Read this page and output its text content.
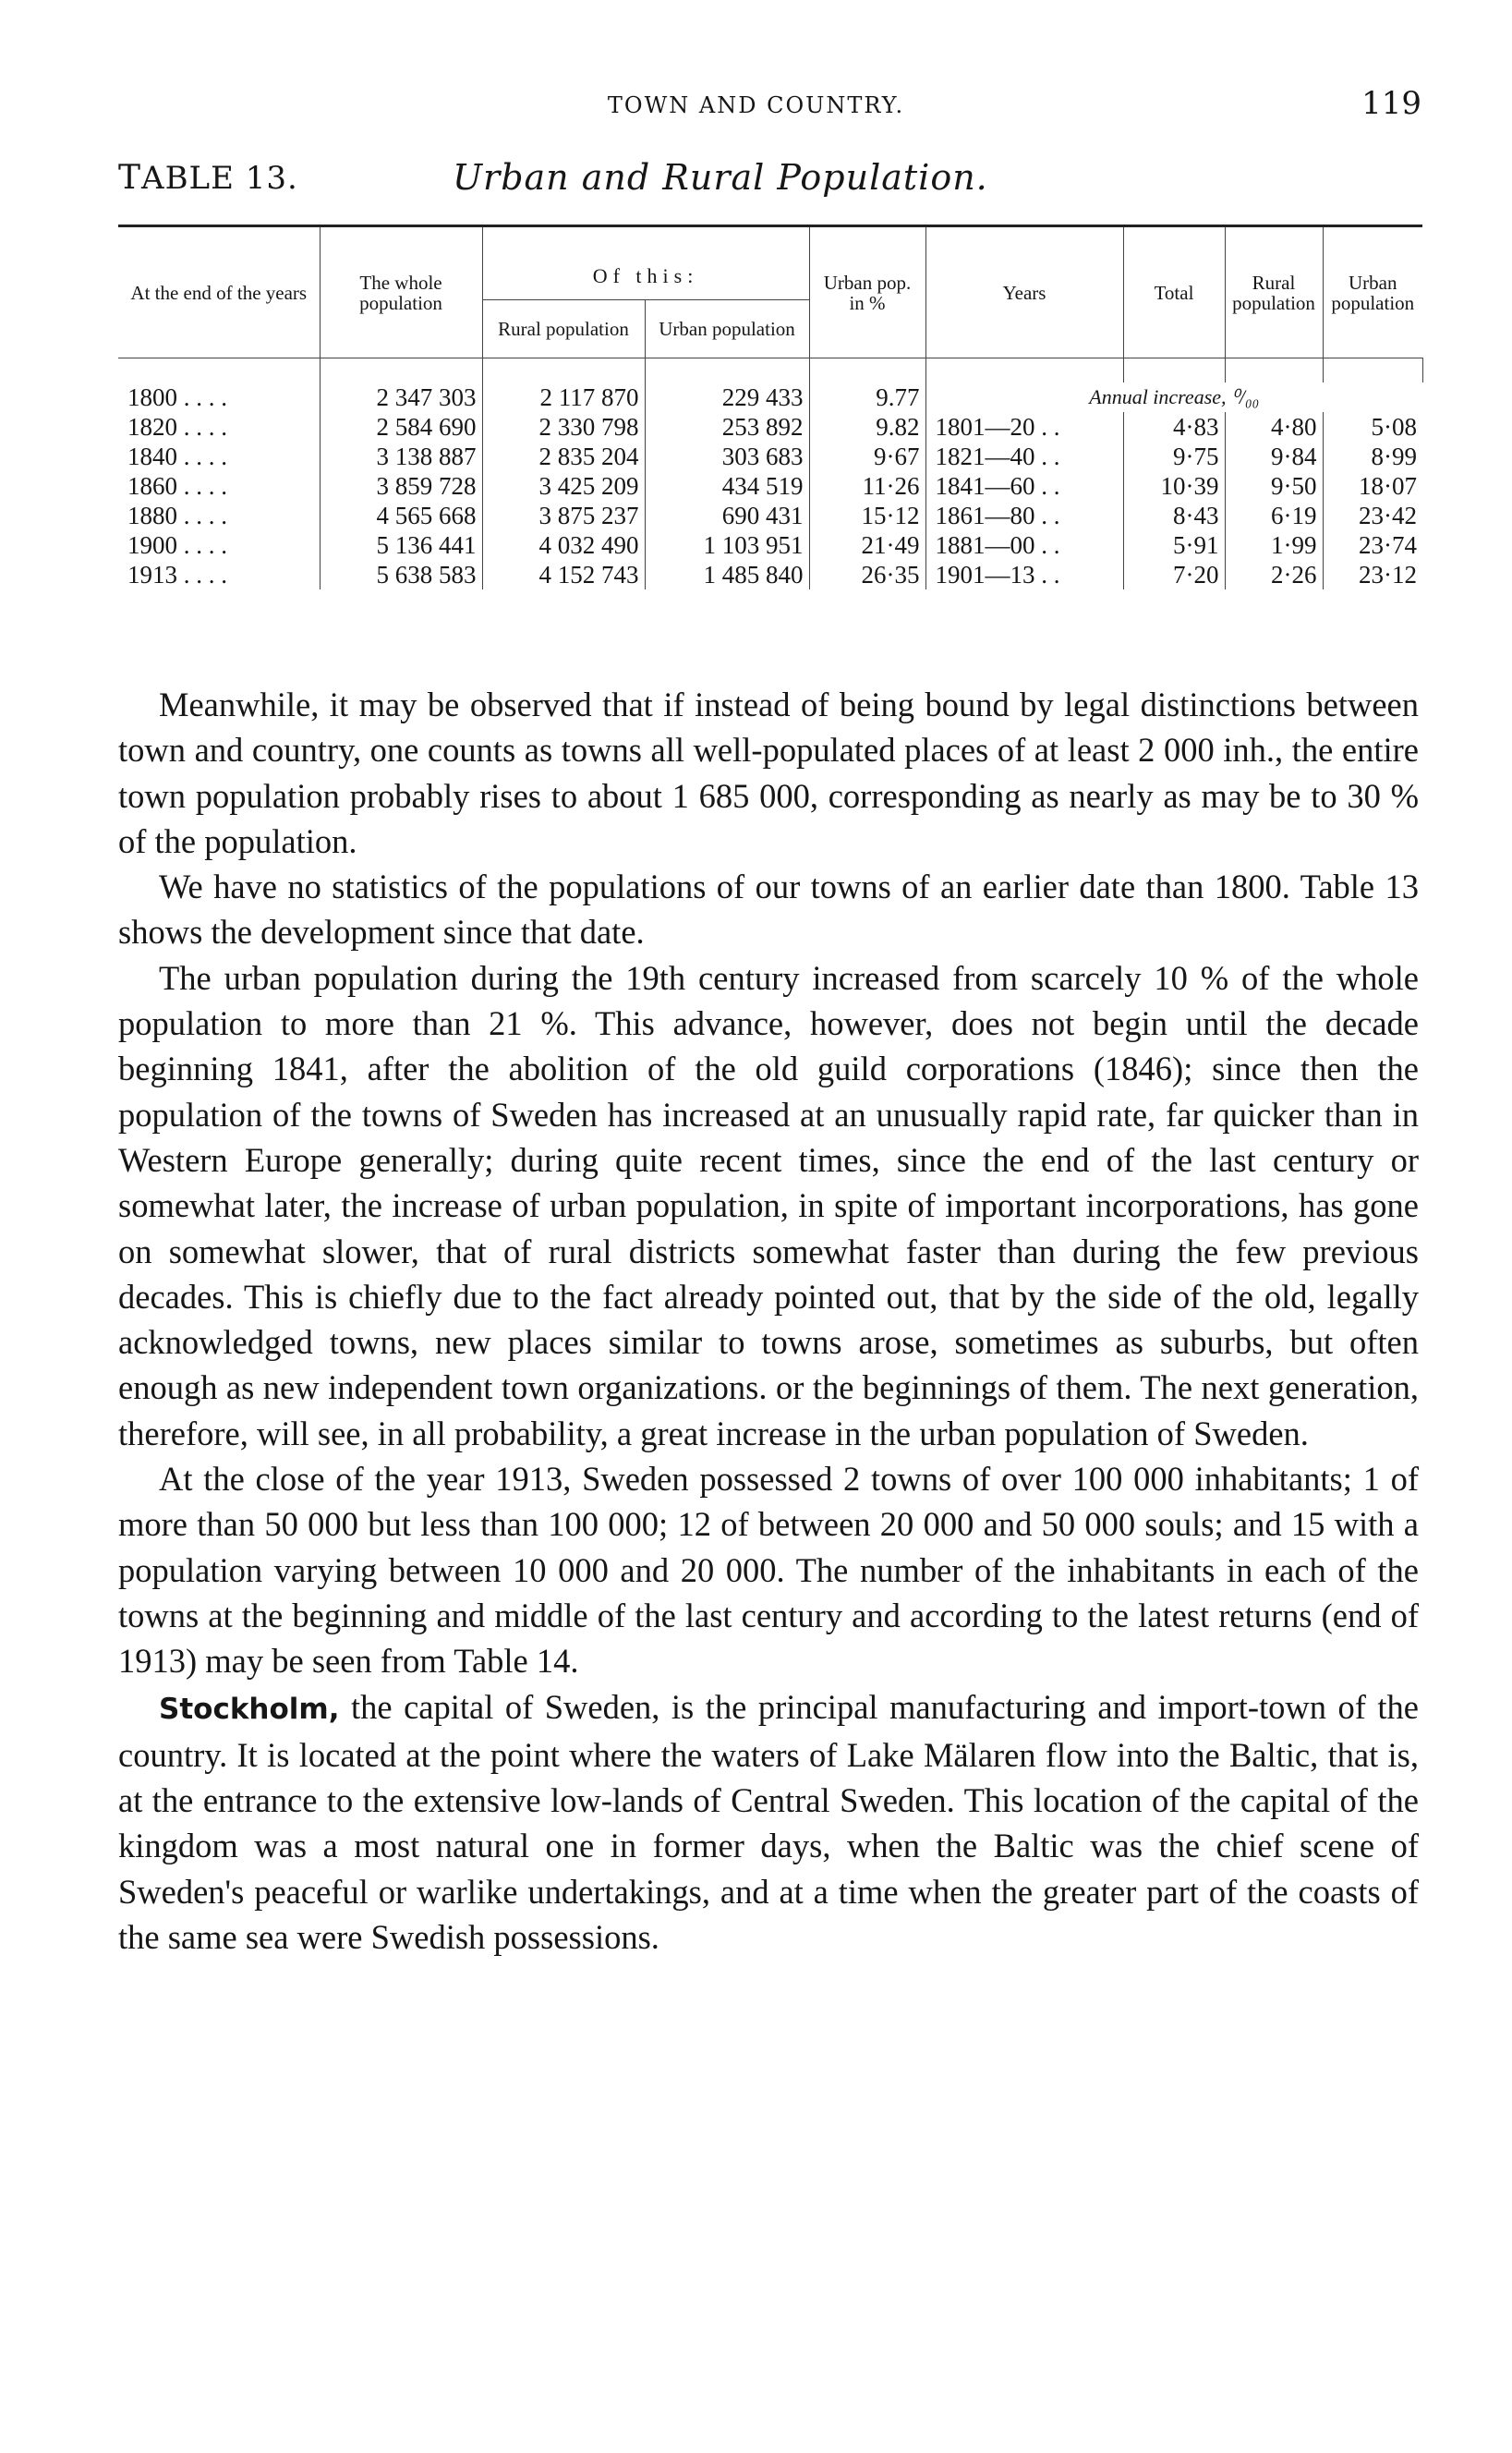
TOWN AND COUNTRY.	119
TABLE 13.	Urban and Rural Population.
At the end of the years	The whole population	Of this:		Urban pop. in %	Years	Total	Rural population	Urban population
		Rural population	Urban population					

1800 . . . .	2 347 303	2 117 870	229 433	9.77	Annual increase, ⁰/₀₀			
1820 . . . .	2 584 690	2 330 798	253 892	9.82	1801—20 . .	4·83	4·80	5·08
1840 . . . .	3 138 887	2 835 204	303 683	9·67	1821—40 . .	9·75	9·84	8·99
1860 . . . .	3 859 728	3 425 209	434 519	11·26	1841—60 . .	10·39	9·50	18·07
1880 . . . .	4 565 668	3 875 237	690 431	15·12	1861—80 . .	8·43	6·19	23·42
1900 . . . .	5 136 441	4 032 490	1 103 951	21·49	1881—00 . .	5·91	1·99	23·74
1913 . . . .	5 638 583	4 152 743	1 485 840	26·35	1901—13 . .	7·20	2·26	23·12

Meanwhile, it may be observed that if instead of being bound by legal distinctions between town and country, one counts as towns all well-populated places of at least 2 000 inh., the entire town population probably rises to about 1 685 000, corresponding as nearly as may be to 30 % of the population.

We have no statistics of the populations of our towns of an earlier date than 1800. Table 13 shows the development since that date.

The urban population during the 19th century increased from scarcely 10 % of the whole population to more than 21 %. This advance, however, does not begin until the decade beginning 1841, after the abolition of the old guild corporations (1846); since then the population of the towns of Sweden has increased at an unusually rapid rate, far quicker than in Western Europe generally; during quite recent times, since the end of the last century or somewhat later, the increase of urban population, in spite of important incorporations, has gone on somewhat slower, that of rural districts somewhat faster than during the few previous decades. This is chiefly due to the fact already pointed out, that by the side of the old, legally acknowledged towns, new places similar to towns arose, sometimes as suburbs, but often enough as new independent town organizations. or the beginnings of them. The next generation, therefore, will see, in all probability, a great increase in the urban population of Sweden.

At the close of the year 1913, Sweden possessed 2 towns of over 100 000 inhabitants; 1 of more than 50 000 but less than 100 000; 12 of between 20 000 and 50 000 souls; and 15 with a population varying between 10 000 and 20 000. The number of the inhabitants in each of the towns at the beginning and middle of the last century and according to the latest returns (end of 1913) may be seen from Table 14.

Stockholm, the capital of Sweden, is the principal manufacturing and import-town of the country. It is located at the point where the waters of Lake Mälaren flow into the Baltic, that is, at the entrance to the extensive low-lands of Central Sweden. This location of the capital of the kingdom was a most natural one in former days, when the Baltic was the chief scene of Sweden's peaceful or warlike undertakings, and at a time when the greater part of the coasts of the same sea were Swedish possessions.
